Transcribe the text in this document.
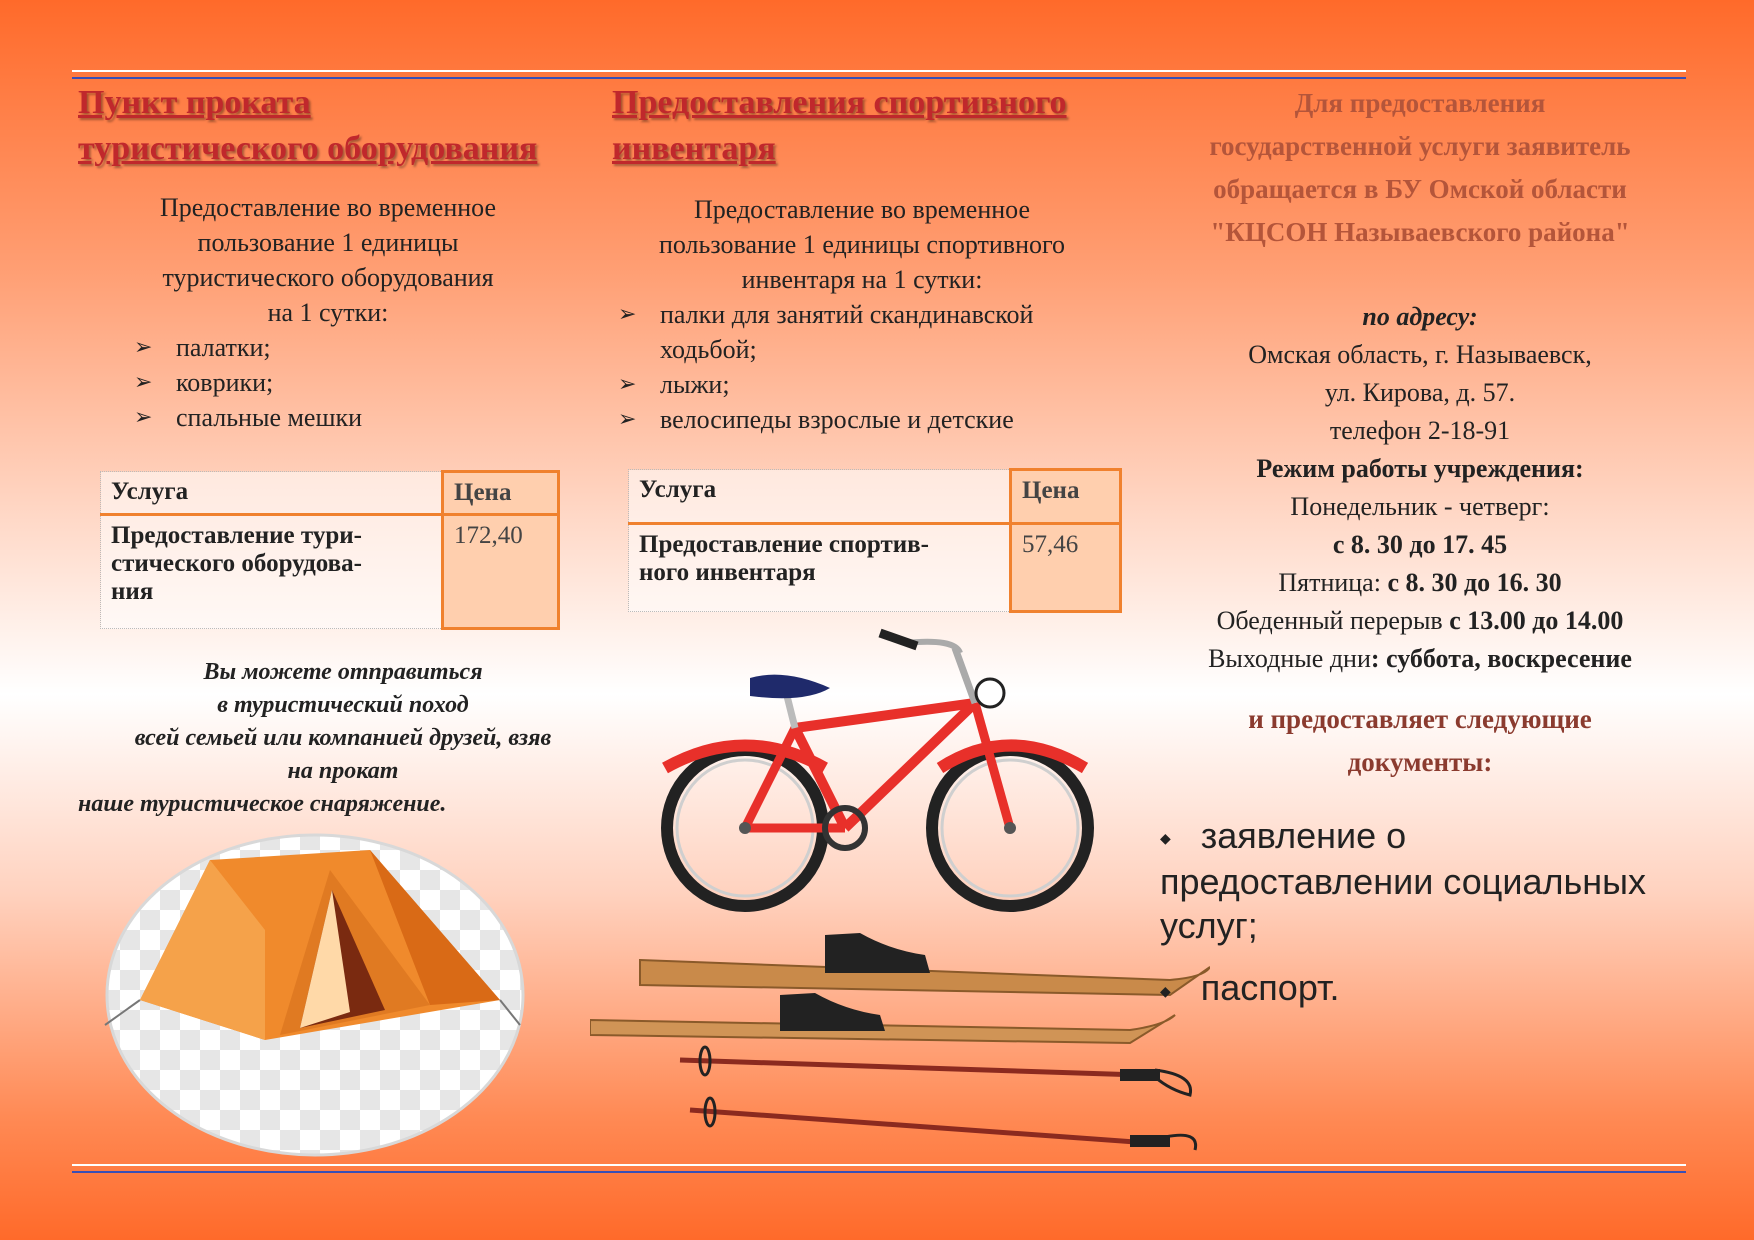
Пункт проката
туристического оборудования

Предоставление во временное
пользование 1 единицы
туристического оборудования
на 1 сутки:
➢ палатки;
➢ коврики;
➢ спальные мешки
Услуга	Цена
Предоставление тури-
стического оборудова-
ния	172,40
Вы можете отправиться
в туристический поход
всей семьей или компанией друзей, взяв
на прокат
наше туристическое снаряжение.

Предоставления спортивного
инвентаря

Предоставление во временное
пользование 1 единицы спортивного
инвентаря на 1 сутки:
➢ палки для занятий скандинавской ходьбой;
➢ лыжи;
➢ велосипеды взрослые и детские
Услуга	Цена
Предоставление спортив-
ного инвентаря	57,46
Для предоставления
государственной услуги заявитель
обращается в БУ Омской области
"КЦСОН Называевского района"
по адресу:
Омская область, г. Называевск,
ул. Кирова, д. 57.
телефон 2-18-91
Режим работы учреждения:
Понедельник - четверг:
с 8. 30 до 17. 45
Пятница: с 8. 30 до 16. 30
Обеденный перерыв с 13.00 до 14.00
Выходные дни: суббота, воскресение
и предоставляет следующие
документы:
◆ заявление о
предоставлении социальных
услуг;
◆ паспорт.
